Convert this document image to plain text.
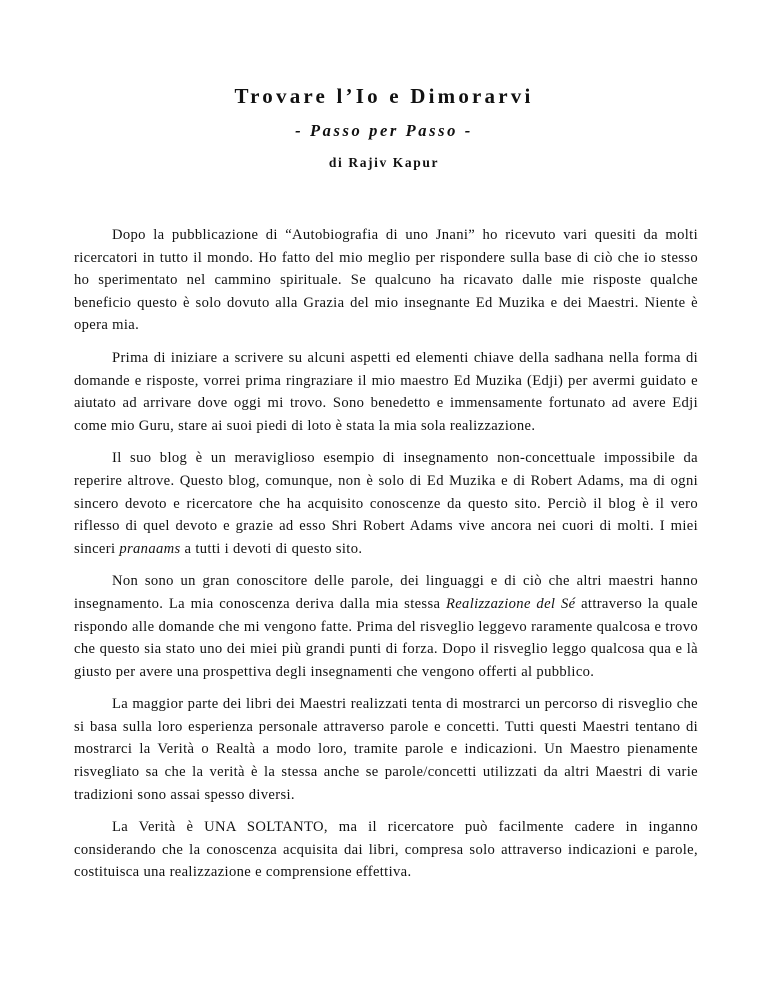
Trovare l’Io e Dimorarvi
- Passo per Passo -
di Rajiv Kapur

Dopo la pubblicazione di “Autobiografia di uno Jnani” ho ricevuto vari quesiti da molti ricercatori in tutto il mondo. Ho fatto del mio meglio per rispondere sulla base di ciò che io stesso ho sperimentato nel cammino spirituale. Se qualcuno ha ricavato dalle mie risposte qualche beneficio questo è solo dovuto alla Grazia del mio insegnante Ed Muzika e dei Maestri. Niente è opera mia.

Prima di iniziare a scrivere su alcuni aspetti ed elementi chiave della sadhana nella forma di domande e risposte, vorrei prima ringraziare il mio maestro Ed Muzika (Edji) per avermi guidato e aiutato ad arrivare dove oggi mi trovo. Sono benedetto e immensamente fortunato ad avere Edji come mio Guru, stare ai suoi piedi di loto è stata la mia sola realizzazione.

Il suo blog è un meraviglioso esempio di insegnamento non-concettuale impossibile da reperire altrove. Questo blog, comunque, non è solo di Ed Muzika e di Robert Adams, ma di ogni sincero devoto e ricercatore che ha acquisito conoscenze da questo sito. Perciò il blog è il vero riflesso di quel devoto e grazie ad esso Shri Robert Adams vive ancora nei cuori di molti. I miei sinceri pranaams a tutti i devoti di questo sito.

Non sono un gran conoscitore delle parole, dei linguaggi e di ciò che altri maestri hanno insegnamento. La mia conoscenza deriva dalla mia stessa Realizzazione del Sé attraverso la quale rispondo alle domande che mi vengono fatte. Prima del risveglio leggevo raramente qualcosa e trovo che questo sia stato uno dei miei più grandi punti di forza. Dopo il risveglio leggo qualcosa qua e là giusto per avere una prospettiva degli insegnamenti che vengono offerti al pubblico.

La maggior parte dei libri dei Maestri realizzati tenta di mostrarci un percorso di risveglio che si basa sulla loro esperienza personale attraverso parole e concetti. Tutti questi Maestri tentano di mostrarci la Verità o Realtà a modo loro, tramite parole e indicazioni. Un Maestro pienamente risvegliato sa che la verità è la stessa anche se parole/concetti utilizzati da altri Maestri di varie tradizioni sono assai spesso diversi.

La Verità è UNA SOLTANTO, ma il ricercatore può facilmente cadere in inganno considerando che la conoscenza acquisita dai libri, compresa solo attraverso indicazioni e parole, costituisca una realizzazione e comprensione effettiva.
